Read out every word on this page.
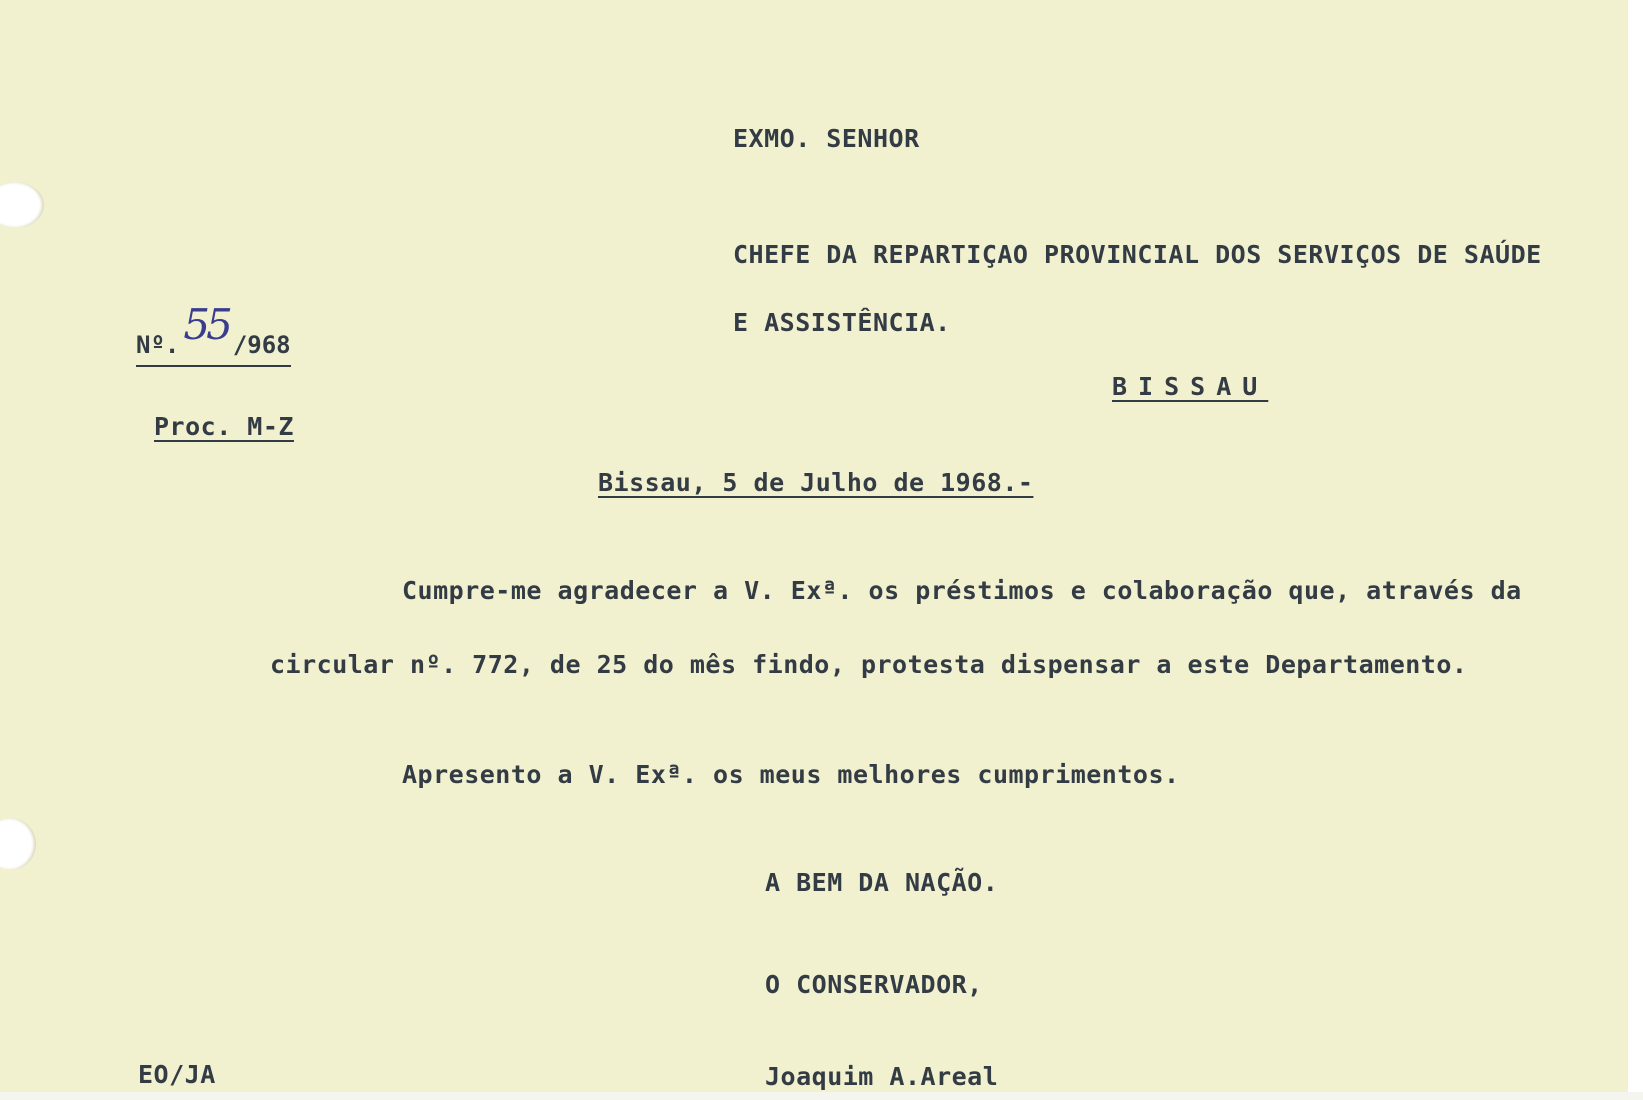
EXMO. SENHOR
CHEFE DA REPARTIÇAO PROVINCIAL DOS SERVIÇOS DE SAÚDE
E ASSISTÊNCIA.
BISSAU
Nº.55 /968
Proc. M-Z
Bissau, 5 de Julho de 1968.-
Cumpre-me agradecer a V. Exª. os préstimos e colaboração que, através da
circular nº. 772, de 25 do mês findo, protesta dispensar a este Departamento.
Apresento a V. Exª. os meus melhores cumprimentos.
A BEM DA NAÇÃO.
O CONSERVADOR,
Joaquim A.Areal
EO/JA
